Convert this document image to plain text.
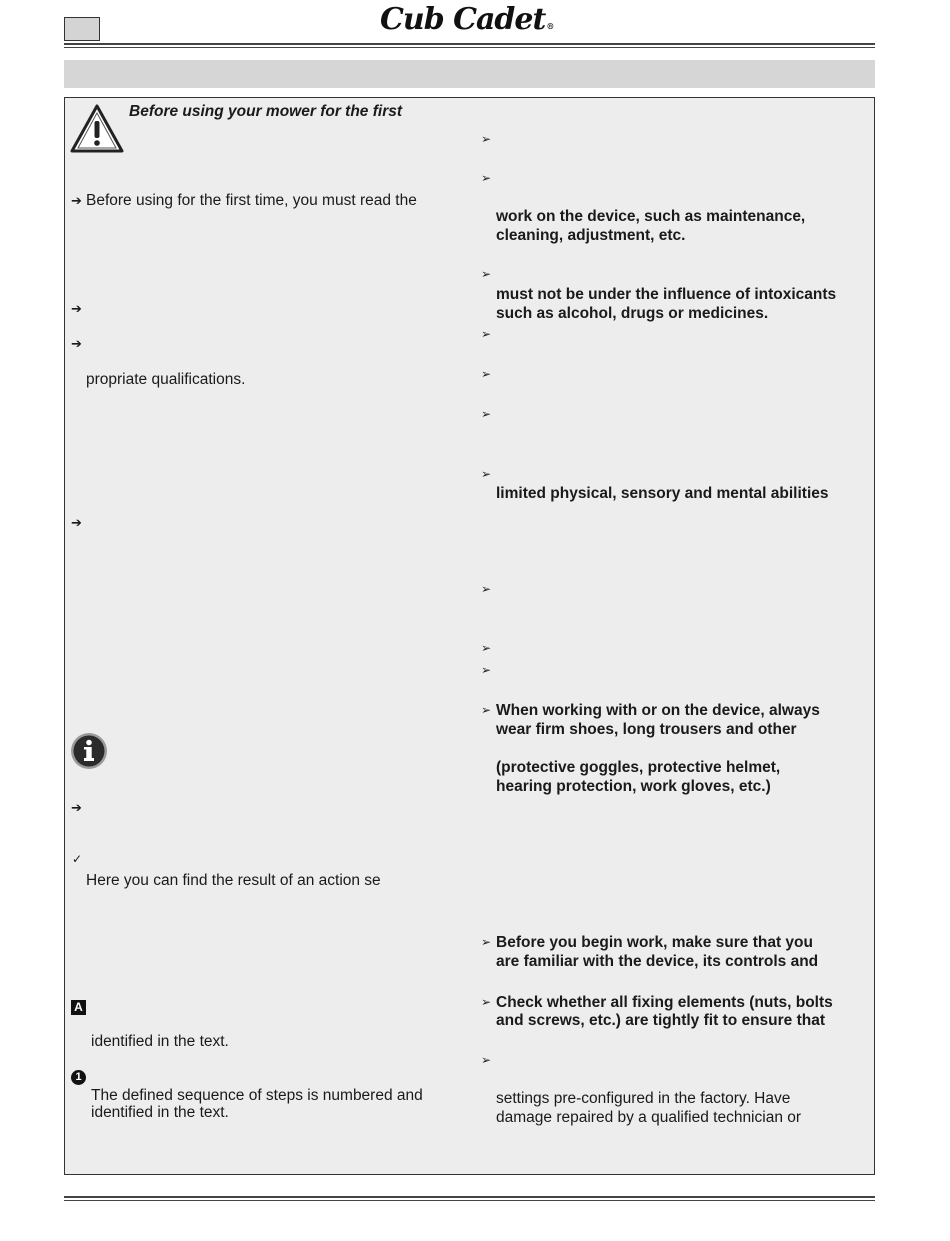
Cub Cadet®
Before using your mower for the first
➔ Before using for the first time, you must read the
➔
➔
propriate qualifications.
➔
➔
✓
Here you can find the result of an action se
A
identified in the text.
1
The defined sequence of steps is numbered and
identified in the text.
➢
➢
work on the device, such as maintenance,
cleaning, adjustment, etc.
➢
must not be under the influence of intoxicants
such as alcohol, drugs or medicines.
➢
➢
➢
➢
limited physical, sensory and mental abilities
➢
➢
➢
➢ When working with or on the device, always
wear firm shoes, long trousers and other
(protective goggles, protective helmet,
hearing protection, work gloves, etc.)
➢ Before you begin work, make sure that you
are familiar with the device, its controls and
➢ Check whether all fixing elements (nuts, bolts
and screws, etc.) are tightly fit to ensure that
➢
settings pre-configured in the factory. Have
damage repaired by a qualified technician or
